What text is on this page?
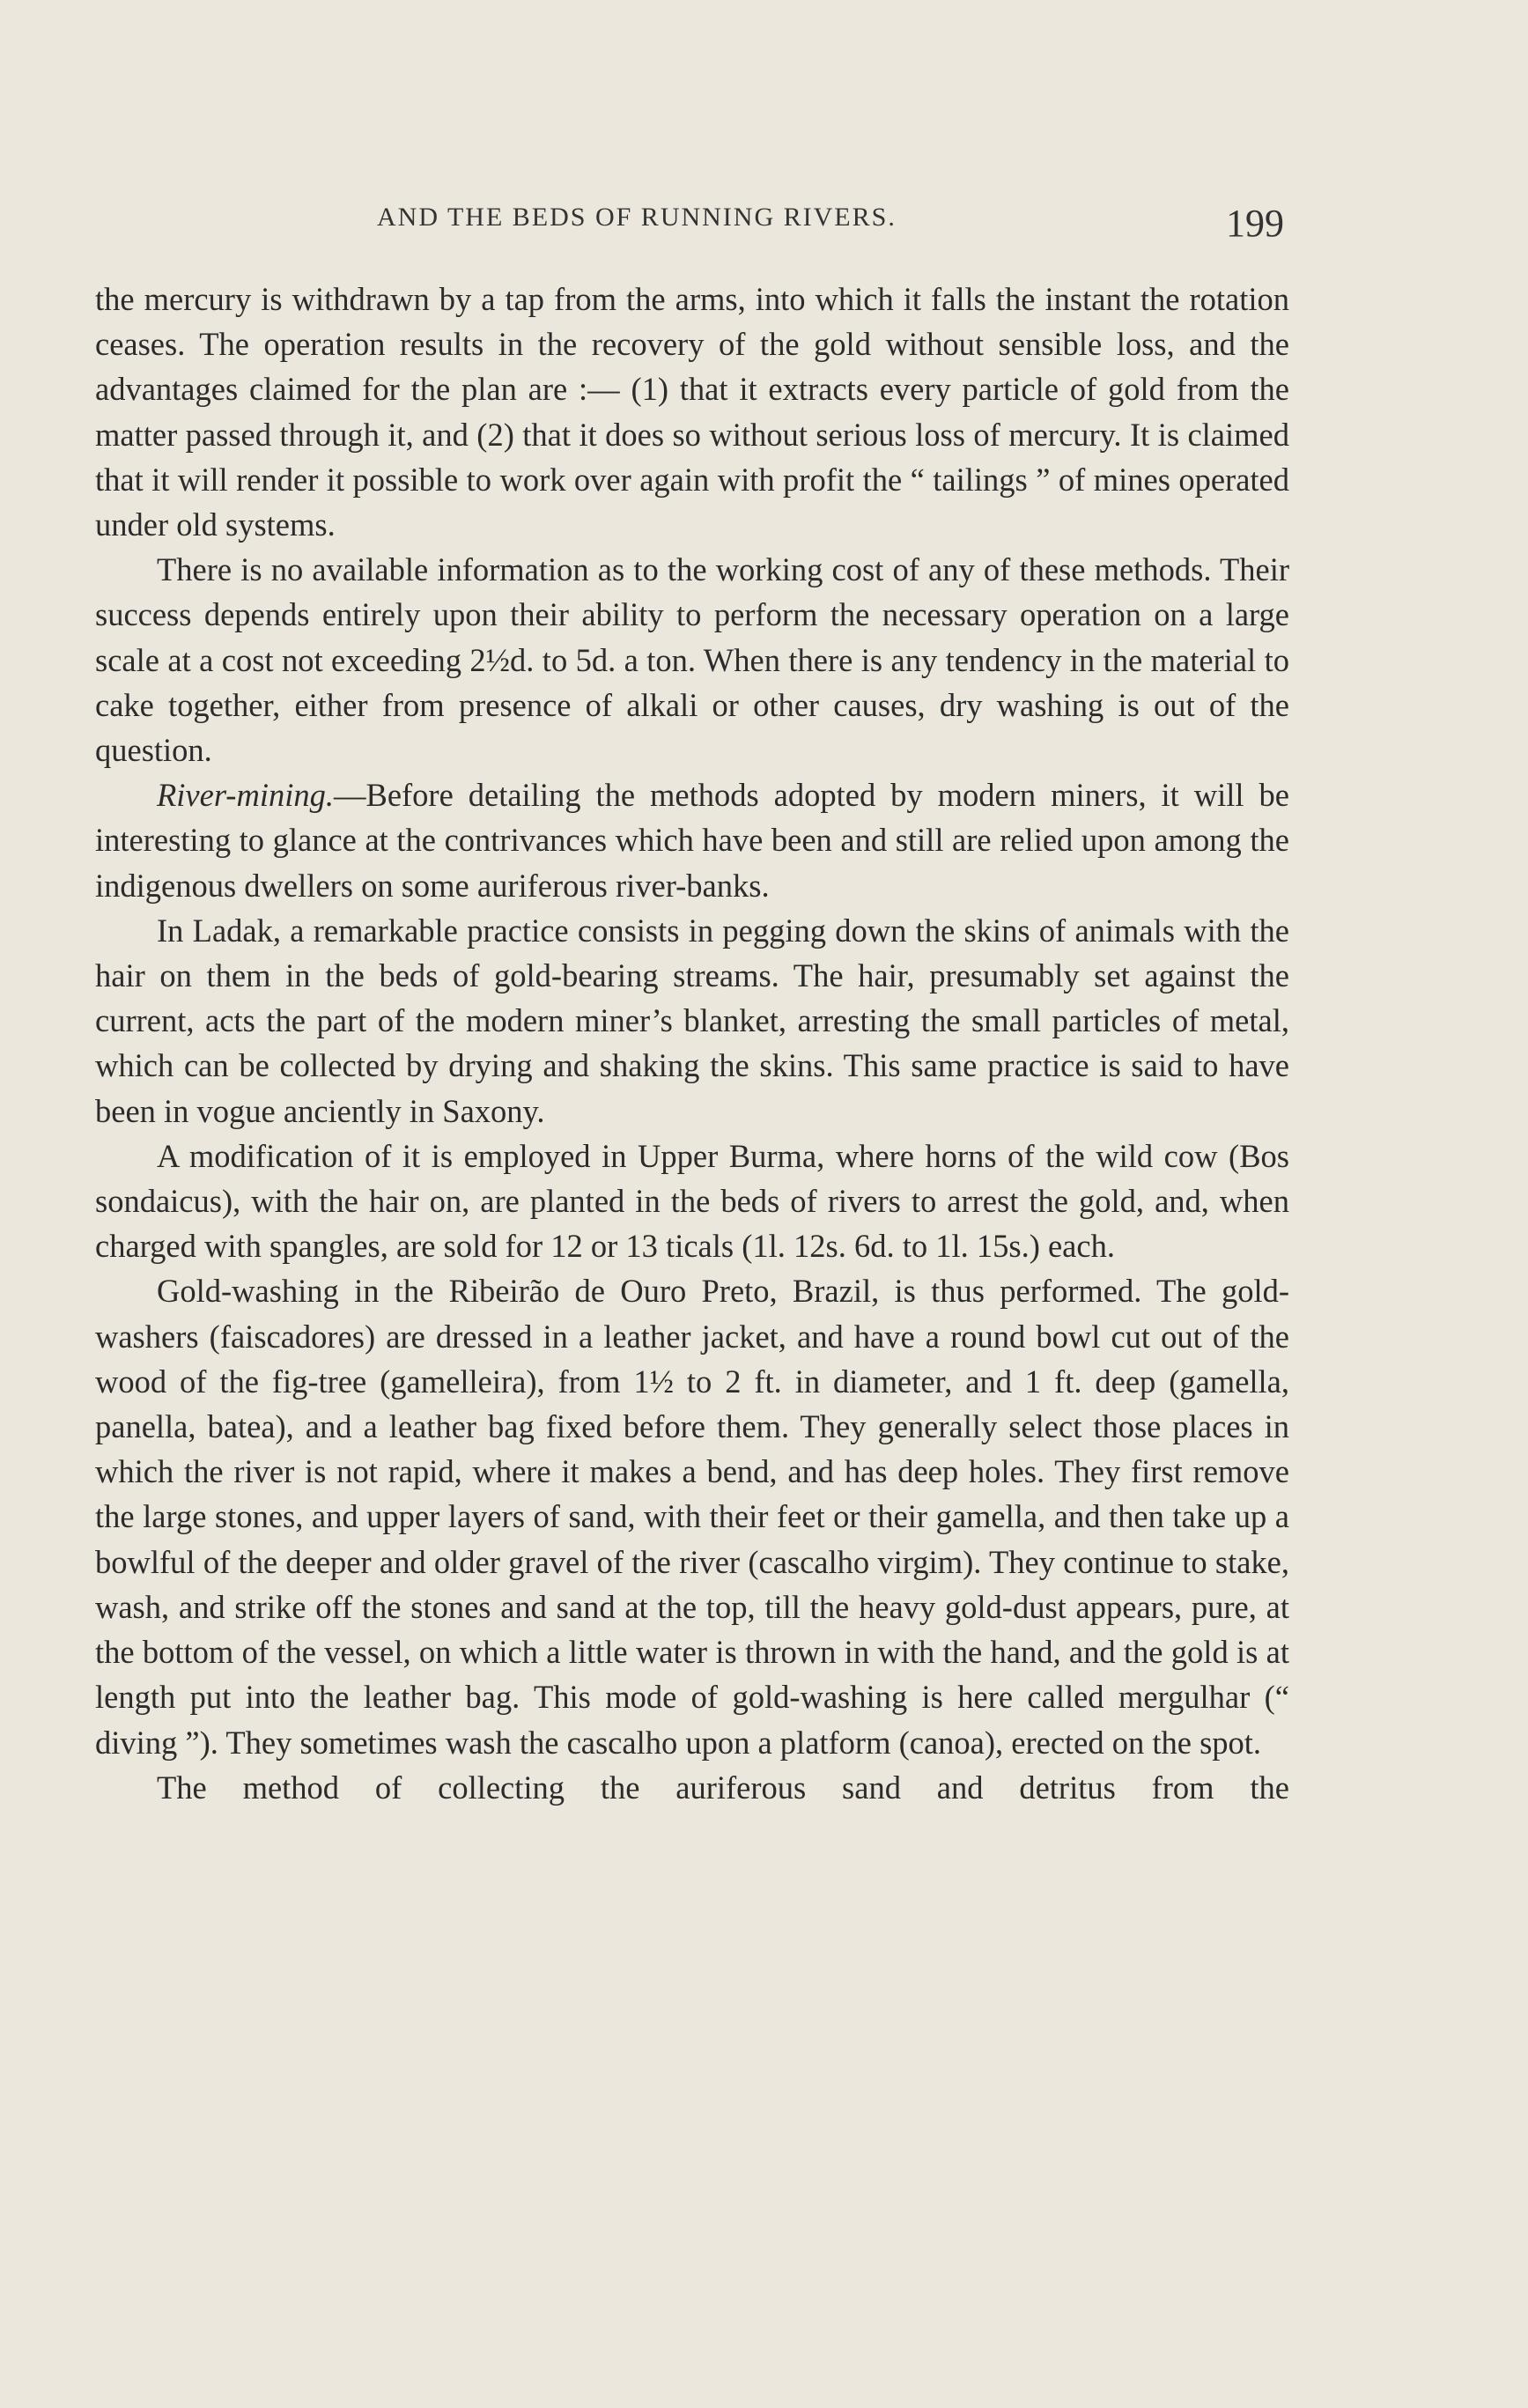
AND THE BEDS OF RUNNING RIVERS.	199

the mercury is withdrawn by a tap from the arms, into which it falls the instant the rotation ceases. The operation results in the recovery of the gold without sensible loss, and the advantages claimed for the plan are :— (1) that it extracts every particle of gold from the matter passed through it, and (2) that it does so without serious loss of mercury. It is claimed that it will render it possible to work over again with profit the “ tailings ” of mines operated under old systems.

There is no available information as to the working cost of any of these methods. Their success depends entirely upon their ability to perform the necessary operation on a large scale at a cost not exceeding 2½d. to 5d. a ton. When there is any tendency in the material to cake together, either from presence of alkali or other causes, dry washing is out of the question.

River-mining.—Before detailing the methods adopted by modern miners, it will be interesting to glance at the contrivances which have been and still are relied upon among the indigenous dwellers on some auriferous river-banks.

In Ladak, a remarkable practice consists in pegging down the skins of animals with the hair on them in the beds of gold-bearing streams. The hair, presumably set against the current, acts the part of the modern miner’s blanket, arresting the small particles of metal, which can be collected by drying and shaking the skins. This same practice is said to have been in vogue anciently in Saxony.

A modification of it is employed in Upper Burma, where horns of the wild cow (Bos sondaicus), with the hair on, are planted in the beds of rivers to arrest the gold, and, when charged with spangles, are sold for 12 or 13 ticals (1l. 12s. 6d. to 1l. 15s.) each.

Gold-washing in the Ribeirão de Ouro Preto, Brazil, is thus performed. The gold-washers (faiscadores) are dressed in a leather jacket, and have a round bowl cut out of the wood of the fig-tree (gamelleira), from 1½ to 2 ft. in diameter, and 1 ft. deep (gamella, panella, batea), and a leather bag fixed before them. They generally select those places in which the river is not rapid, where it makes a bend, and has deep holes. They first remove the large stones, and upper layers of sand, with their feet or their gamella, and then take up a bowlful of the deeper and older gravel of the river (cascalho virgim). They continue to stake, wash, and strike off the stones and sand at the top, till the heavy gold-dust appears, pure, at the bottom of the vessel, on which a little water is thrown in with the hand, and the gold is at length put into the leather bag. This mode of gold-washing is here called mergulhar (“ diving ”). They sometimes wash the cascalho upon a platform (canoa), erected on the spot.

The method of collecting the auriferous sand and detritus from the
